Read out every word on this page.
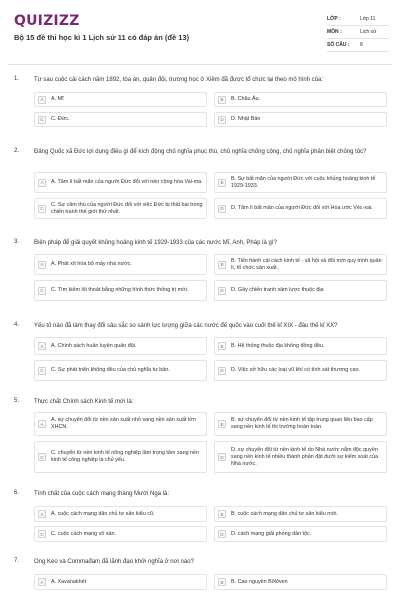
QUIZIZZ
Bộ 15 đề thi học kì 1 Lịch sử 11 có đáp án (đề 13)
LỚP :	Lớp 11
MÔN :	Lịch sử
SỐ CÂU :	8
1. Từ sau cuộc cải cách năm 1892, tòa án, quân đội, trường học ở Xiêm đã được tổ chức lại theo mô hình của:
A	A. Mĩ	B	B. Châu Âu.
C	C. Đức.	D	D. Nhật Bản
2. Đảng Quốc xã Đức lợi dụng điều gì để kích động chủ nghĩa phục thù, chủ nghĩa chống cộng, chủ nghĩa phân biệt chủng tộc?
A	A. Tâm lí bất mãn của người Đức đối với nền cộng hòa Vai-ma.	B
B. Sự bất mãn của người Đức với cuộc khủng hoảng kinh tế 1929-1933.
C
C. Sự căm thù của người Đức đối với việc Đức bị thất bại trong chiến tranh thế giới thứ nhất.	D	D. Tâm lí bất mãn của người Đức đối với Hòa ước Véc-xai.
3. Biện pháp để giải quyết khủng hoảng kinh tế 1929-1933 của các nước Mĩ, Anh, Pháp là gì?
A	A. Phát xít hóa bộ máy nhà nước.	B
B. Tiến hành cải cách kinh tế - xã hội và đổi mới quy trình quản lí, tổ chức sản xuất.
C	C. Tìm kiếm lối thoát bằng những hình thức thống trị mới.	D	D. Gây chiến tranh xâm lược thuộc địa
4. Yếu tố nào đã làm thay đổi sâu sắc so sánh lực lượng giữa các nước đế quốc vào cuối thế kỉ XIX - đầu thế kỉ XX?
A	A. Chính sách huấn luyện quân đội.	B	B. Hệ thống thuộc địa không đồng đều.
C	C. Sự phát triển không đều của chủ nghĩa tư bản.	D	D. Việc sở hữu các loại vũ khí có tính sát thương cao.
5. Thực chất Chính sách Kinh tế mới là:
A
A. sự chuyển đổi từ nền sản xuất nhỏ sang nền sản xuất lớn XHCN.	B
B. sự chuyển đổi từ nền kinh tế tập trung quan liêu bao cấp sang nền kinh tế thị trường hoàn toàn.
C
C. chuyển từ nền kinh tế nông nghiệp lâm trọng tâm sang nền kinh tế công nghiệp là chủ yếu.	D
D. sự chuyển đổi từ nền kinh tế do Nhà nước nắm độc quyền sang nền kinh tế nhiều thành phần đặt dưới sự kiểm soát của Nhà nước.
6. Tính chất của cuộc cách mạng tháng Mười Nga là:
A	A. cuộc cách mạng dân chủ tư sản kiểu cũ.	B	B. cuộc cách mạng dân chủ tư sản kiểu mới.
C	C. cuộc cách mạng vô sản.	D	D. cách mạng giải phóng dân tộc.
7. Ong Keo và Commađam đã lãnh đạo khởi nghĩa ở nơi nào?
A	A. Xavanakhét	B	B. Cao nguyên Bôlôven
